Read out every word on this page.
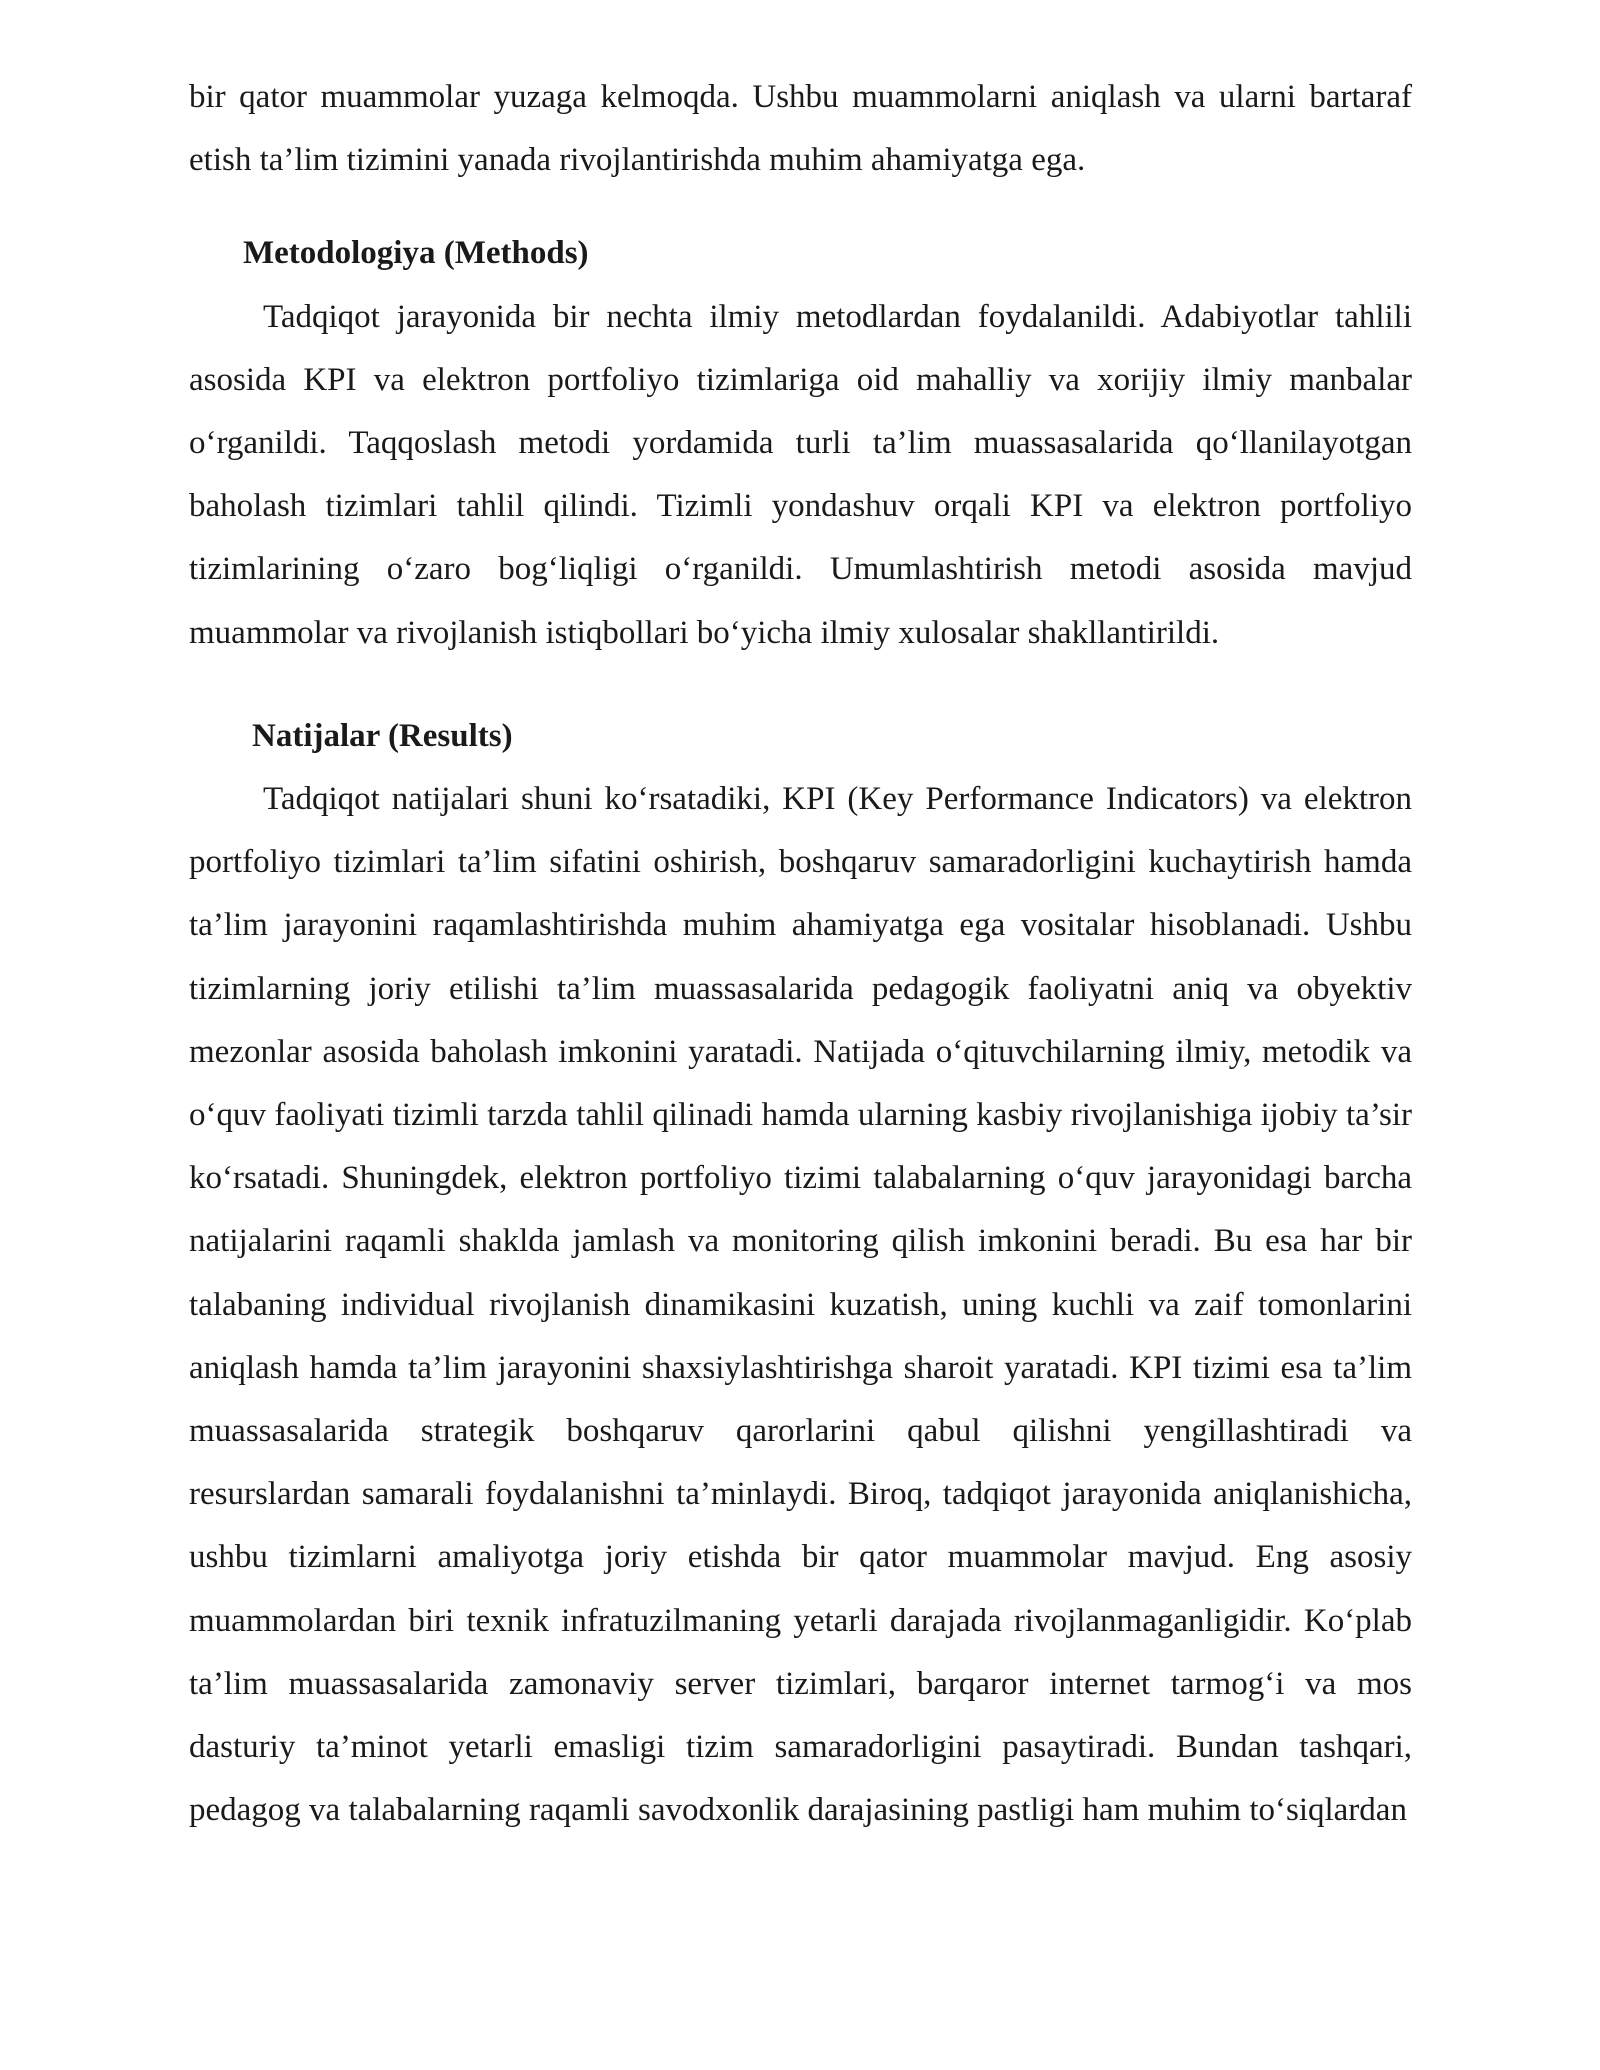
bir qator muammolar yuzaga kelmoqda. Ushbu muammolarni aniqlash va ularni bartaraf etish ta’lim tizimini yanada rivojlantirishda muhim ahamiyatga ega.

Metodologiya (Methods)

Tadqiqot jarayonida bir nechta ilmiy metodlardan foydalanildi. Adabiyotlar tahlili asosida KPI va elektron portfoliyo tizimlariga oid mahalliy va xorijiy ilmiy manbalar oʻrganildi. Taqqoslash metodi yordamida turli ta’lim muassasalarida qoʻllanilayotgan baholash tizimlari tahlil qilindi. Tizimli yondashuv orqali KPI va elektron portfoliyo tizimlarining oʻzaro bogʻliqligi oʻrganildi. Umumlashtirish metodi asosida mavjud muammolar va rivojlanish istiqbollari boʻyicha ilmiy xulosalar shakllantirildi.

Natijalar (Results)

Tadqiqot natijalari shuni koʻrsatadiki, KPI (Key Performance Indicators) va elektron portfoliyo tizimlari ta’lim sifatini oshirish, boshqaruv samaradorligini kuchaytirish hamda ta’lim jarayonini raqamlashtirishda muhim ahamiyatga ega vositalar hisoblanadi. Ushbu tizimlarning joriy etilishi ta’lim muassasalarida pedagogik faoliyatni aniq va obyektiv mezonlar asosida baholash imkonini yaratadi. Natijada oʻqituvchilarning ilmiy, metodik va oʻquv faoliyati tizimli tarzda tahlil qilinadi hamda ularning kasbiy rivojlanishiga ijobiy ta’sir koʻrsatadi. Shuningdek, elektron portfoliyo tizimi talabalarning oʻquv jarayonidagi barcha natijalarini raqamli shaklda jamlash va monitoring qilish imkonini beradi. Bu esa har bir talabaning individual rivojlanish dinamikasini kuzatish, uning kuchli va zaif tomonlarini aniqlash hamda ta’lim jarayonini shaxsiylashtirishga sharoit yaratadi. KPI tizimi esa ta’lim muassasalarida strategik boshqaruv qarorlarini qabul qilishni yengillashtiradi va resurslardan samarali foydalanishni ta’minlaydi. Biroq, tadqiqot jarayonida aniqlanishicha, ushbu tizimlarni amaliyotga joriy etishda bir qator muammolar mavjud. Eng asosiy muammolardan biri texnik infratuzilmaning yetarli darajada rivojlanmaganligidir. Koʻplab ta’lim muassasalarida zamonaviy server tizimlari, barqaror internet tarmogʻi va mos dasturiy ta’minot yetarli emasligi tizim samaradorligini pasaytiradi. Bundan tashqari, pedagog va talabalarning raqamli savodxonlik darajasining pastligi ham muhim toʻsiqlardan
